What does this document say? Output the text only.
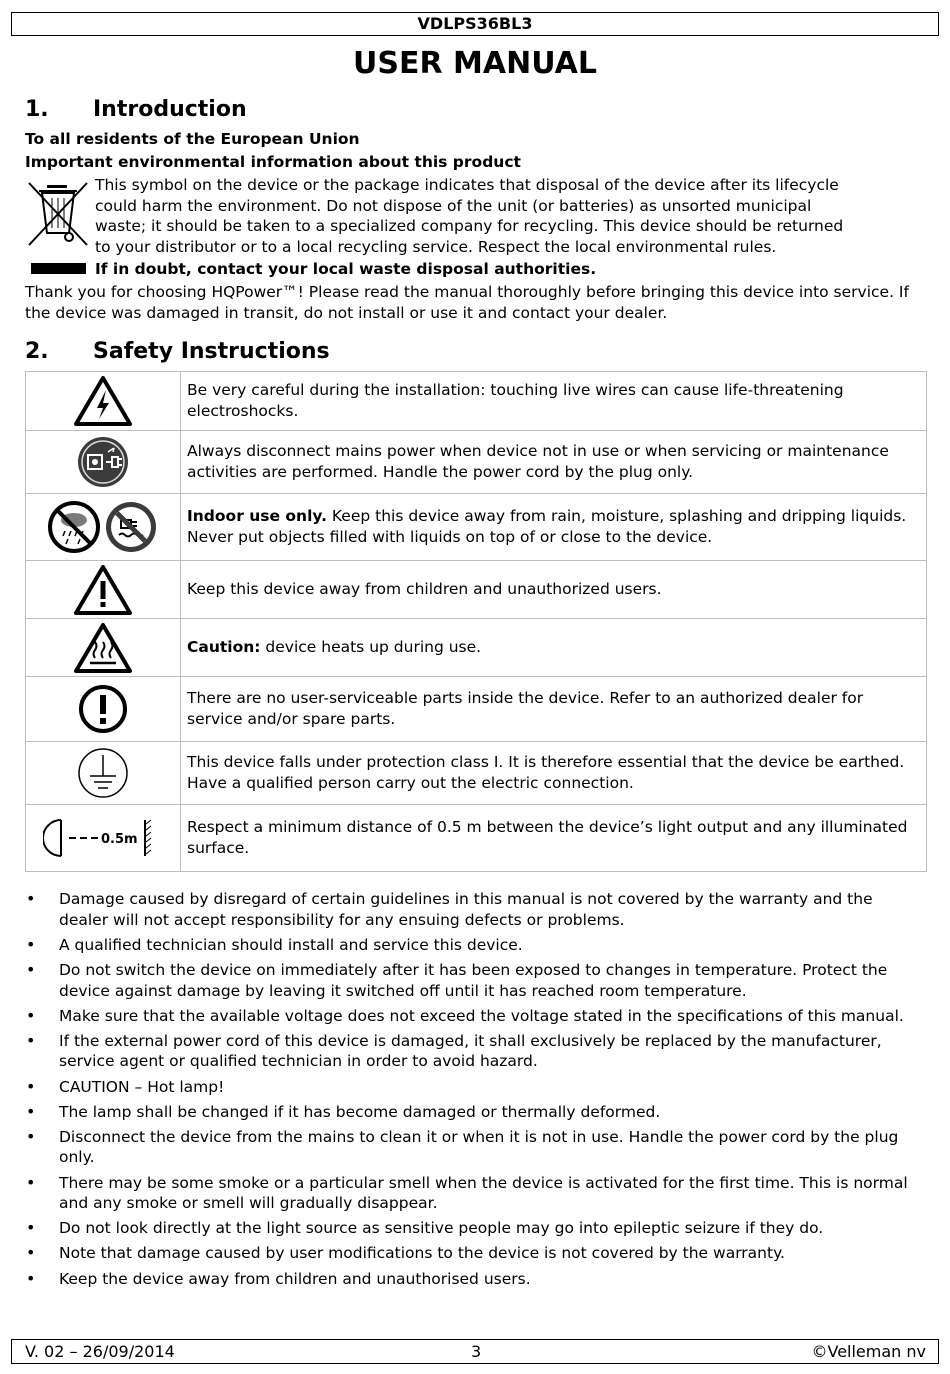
VDLPS36BL3
USER MANUAL
1. Introduction
To all residents of the European Union
Important environmental information about this product
This symbol on the device or the package indicates that disposal of the device after its lifecycle
could harm the environment. Do not dispose of the unit (or batteries) as unsorted municipal
waste; it should be taken to a specialized company for recycling. This device should be returned
to your distributor or to a local recycling service. Respect the local environmental rules.
If in doubt, contact your local waste disposal authorities.
Thank you for choosing HQPower™! Please read the manual thoroughly before bringing this device into service. If the device was damaged in transit, do not install or use it and contact your dealer.
2. Safety Instructions
	Be very careful during the installation: touching live wires can cause life-threatening electroshocks.
	Always disconnect mains power when device not in use or when servicing or maintenance activities are performed. Handle the power cord by the plug only.
	Indoor use only. Keep this device away from rain, moisture, splashing and dripping liquids. Never put objects filled with liquids on top of or close to the device.
	Keep this device away from children and unauthorized users.
	Caution: device heats up during use.
	There are no user-serviceable parts inside the device. Refer to an authorized dealer for service and/or spare parts.
	This device falls under protection class I. It is therefore essential that the device be earthed. Have a qualified person carry out the electric connection.

0.5m	Respect a minimum distance of 0.5 m between the device’s light output and any illuminated surface.
• Damage caused by disregard of certain guidelines in this manual is not covered by the warranty and the dealer will not accept responsibility for any ensuing defects or problems.
• A qualified technician should install and service this device.
• Do not switch the device on immediately after it has been exposed to changes in temperature. Protect the device against damage by leaving it switched off until it has reached room temperature.
• Make sure that the available voltage does not exceed the voltage stated in the specifications of this manual.
• If the external power cord of this device is damaged, it shall exclusively be replaced by the manufacturer, service agent or qualified technician in order to avoid hazard.
• CAUTION – Hot lamp!
• The lamp shall be changed if it has become damaged or thermally deformed.
• Disconnect the device from the mains to clean it or when it is not in use. Handle the power cord by the plug only.
• There may be some smoke or a particular smell when the device is activated for the first time. This is normal and any smoke or smell will gradually disappear.
• Do not look directly at the light source as sensitive people may go into epileptic seizure if they do.
• Note that damage caused by user modifications to the device is not covered by the warranty.
• Keep the device away from children and unauthorised users.
V. 02 – 26/09/2014	3	©Velleman nv
